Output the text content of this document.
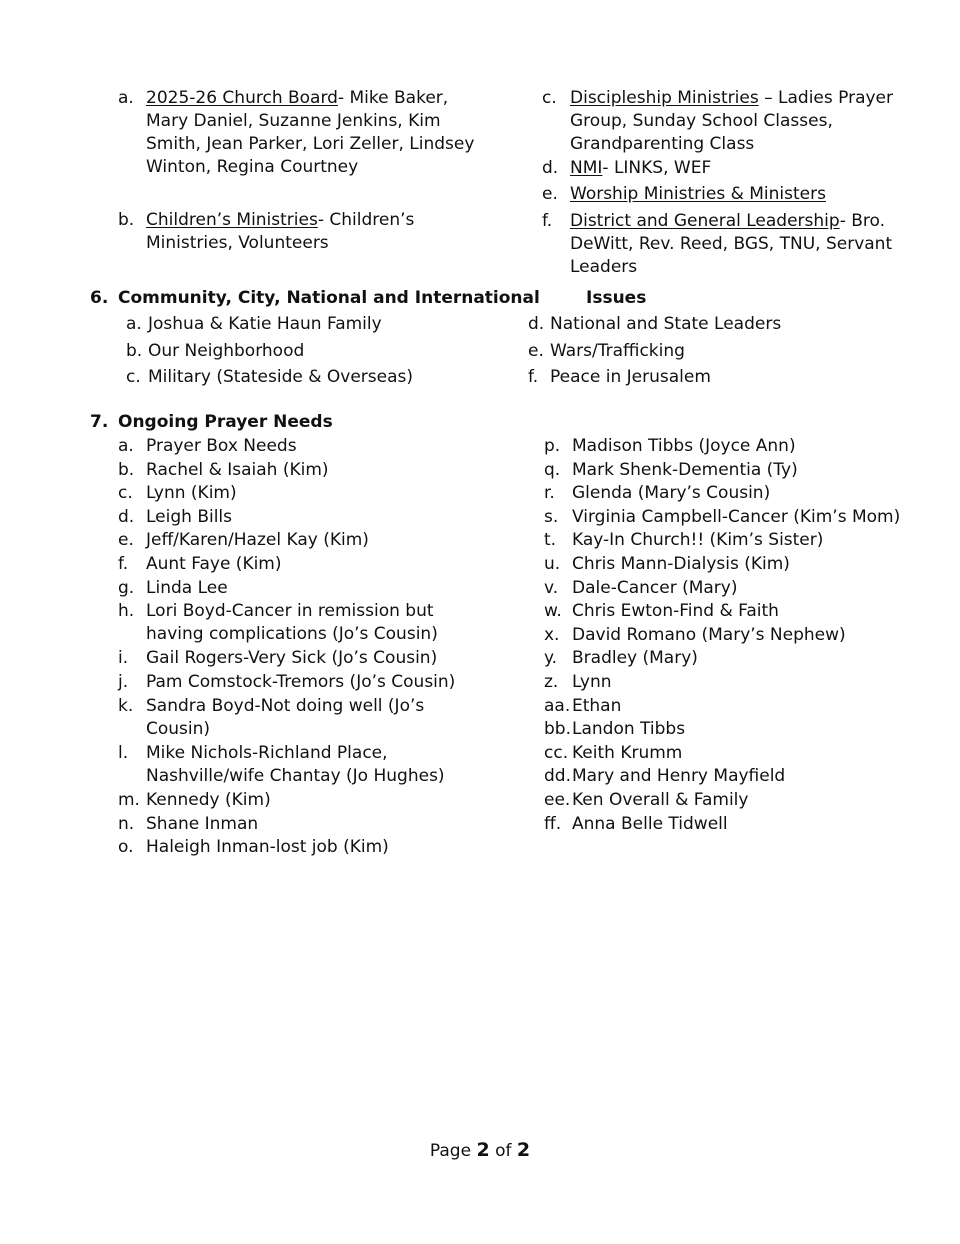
a. 2025-26 Church Board- Mike Baker,
Mary Daniel, Suzanne Jenkins, Kim
Smith, Jean Parker, Lori Zeller, Lindsey
Winton, Regina Courtney
b. Children’s Ministries- Children’s
Ministries, Volunteers
c. Discipleship Ministries – Ladies Prayer
Group, Sunday School Classes,
Grandparenting Class
d. NMI- LINKS, WEF
e. Worship Ministries & Ministers
f. District and General Leadership- Bro.
DeWitt, Rev. Reed, BGS, TNU, Servant
Leaders
6. Community, City, National and International	Issues
a. Joshua & Katie Haun Family
b. Our Neighborhood
c. Military (Stateside & Overseas)
d. National and State Leaders
e. Wars/Trafficking
f. Peace in Jerusalem
7. Ongoing Prayer Needs
a. Prayer Box Needs
b. Rachel & Isaiah (Kim)
c. Lynn (Kim)
d. Leigh Bills
e. Jeff/Karen/Hazel Kay (Kim)
f. Aunt Faye (Kim)
g. Linda Lee
h. Lori Boyd-Cancer in remission but
having complications (Jo’s Cousin)
i. Gail Rogers-Very Sick (Jo’s Cousin)
j. Pam Comstock-Tremors (Jo’s Cousin)
k. Sandra Boyd-Not doing well (Jo’s
Cousin)
l. Mike Nichols-Richland Place,
Nashville/wife Chantay (Jo Hughes)
m. Kennedy (Kim)
n. Shane Inman
o. Haleigh Inman-lost job (Kim)
p. Madison Tibbs (Joyce Ann)
q. Mark Shenk-Dementia (Ty)
r. Glenda (Mary’s Cousin)
s. Virginia Campbell-Cancer (Kim’s Mom)
t. Kay-In Church!! (Kim’s Sister)
u. Chris Mann-Dialysis (Kim)
v. Dale-Cancer (Mary)
w. Chris Ewton-Find & Faith
x. David Romano (Mary’s Nephew)
y. Bradley (Mary)
z. Lynn
aa. Ethan
bb. Landon Tibbs
cc. Keith Krumm
dd. Mary and Henry Mayfield
ee. Ken Overall & Family
ff. Anna Belle Tidwell
Page 2 of 2
